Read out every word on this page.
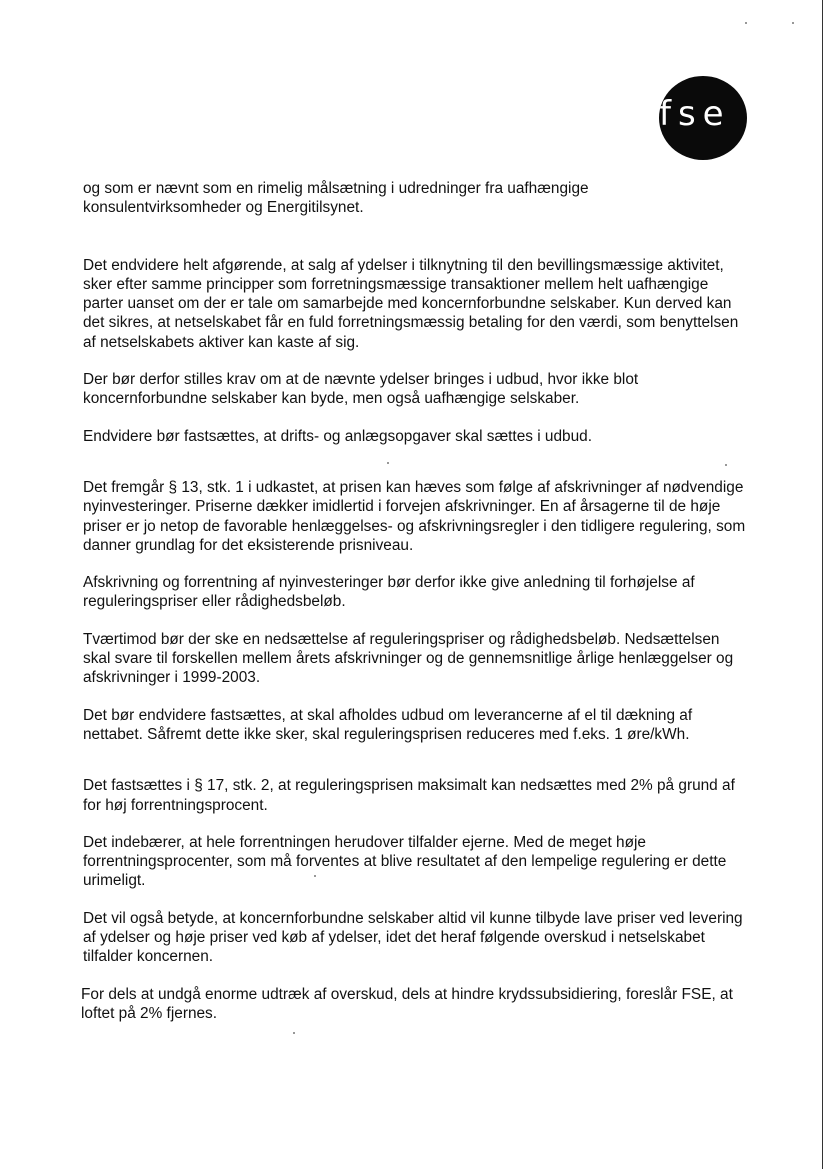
fse

og som er nævnt som en rimelig målsætning i udredninger fra uafhængige
konsulentvirksomheder og Energitilsynet.

Det endvidere helt afgørende, at salg af ydelser i tilknytning til den bevillingsmæssige aktivitet,
sker efter samme principper som forretningsmæssige transaktioner mellem helt uafhængige
parter uanset om der er tale om samarbejde med koncernforbundne selskaber. Kun derved kan
det sikres, at netselskabet får en fuld forretningsmæssig betaling for den værdi, som benyttelsen
af netselskabets aktiver kan kaste af sig.

Der bør derfor stilles krav om at de nævnte ydelser bringes i udbud, hvor ikke blot
koncernforbundne selskaber kan byde, men også uafhængige selskaber.

Endvidere bør fastsættes, at drifts- og anlægsopgaver skal sættes i udbud.

Det fremgår § 13, stk. 1 i udkastet, at prisen kan hæves som følge af afskrivninger af nødvendige
nyinvesteringer. Priserne dækker imidlertid i forvejen afskrivninger. En af årsagerne til de høje
priser er jo netop de favorable henlæggelses- og afskrivningsregler i den tidligere regulering, som
danner grundlag for det eksisterende prisniveau.

Afskrivning og forrentning af nyinvesteringer bør derfor ikke give anledning til forhøjelse af
reguleringspriser eller rådighedsbeløb.

Tværtimod bør der ske en nedsættelse af reguleringspriser og rådighedsbeløb. Nedsættelsen
skal svare til forskellen mellem årets afskrivninger og de gennemsnitlige årlige henlæggelser og
afskrivninger i 1999-2003.

Det bør endvidere fastsættes, at skal afholdes udbud om leverancerne af el til dækning af
nettabet. Såfremt dette ikke sker, skal reguleringsprisen reduceres med f.eks. 1 øre/kWh.

Det fastsættes i § 17, stk. 2, at reguleringsprisen maksimalt kan nedsættes med 2% på grund af
for høj forrentningsprocent.

Det indebærer, at hele forrentningen herudover tilfalder ejerne. Med de meget høje
forrentningsprocenter, som må forventes at blive resultatet af den lempelige regulering er dette
urimeligt.

Det vil også betyde, at koncernforbundne selskaber altid vil kunne tilbyde lave priser ved levering
af ydelser og høje priser ved køb af ydelser, idet det heraf følgende overskud i netselskabet
tilfalder koncernen.

For dels at undgå enorme udtræk af overskud, dels at hindre krydssubsidiering, foreslår FSE, at
loftet på 2% fjernes.
